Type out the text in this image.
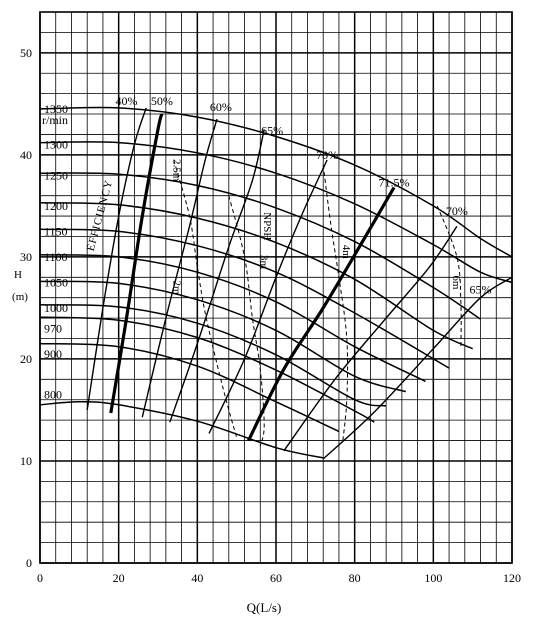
0	20	40	60	80	100	120
0
10
20
30
40
50
1350
1300
1250
1200
1150
1100
1050
1000
970
900
800
40% 50%	60%
65%
70%
71.5%
70%
65%
2.5m
2m
3m
4m
6m
EFFICIENCY	NPSH
Q(L/s)
H
(m)
r/min
